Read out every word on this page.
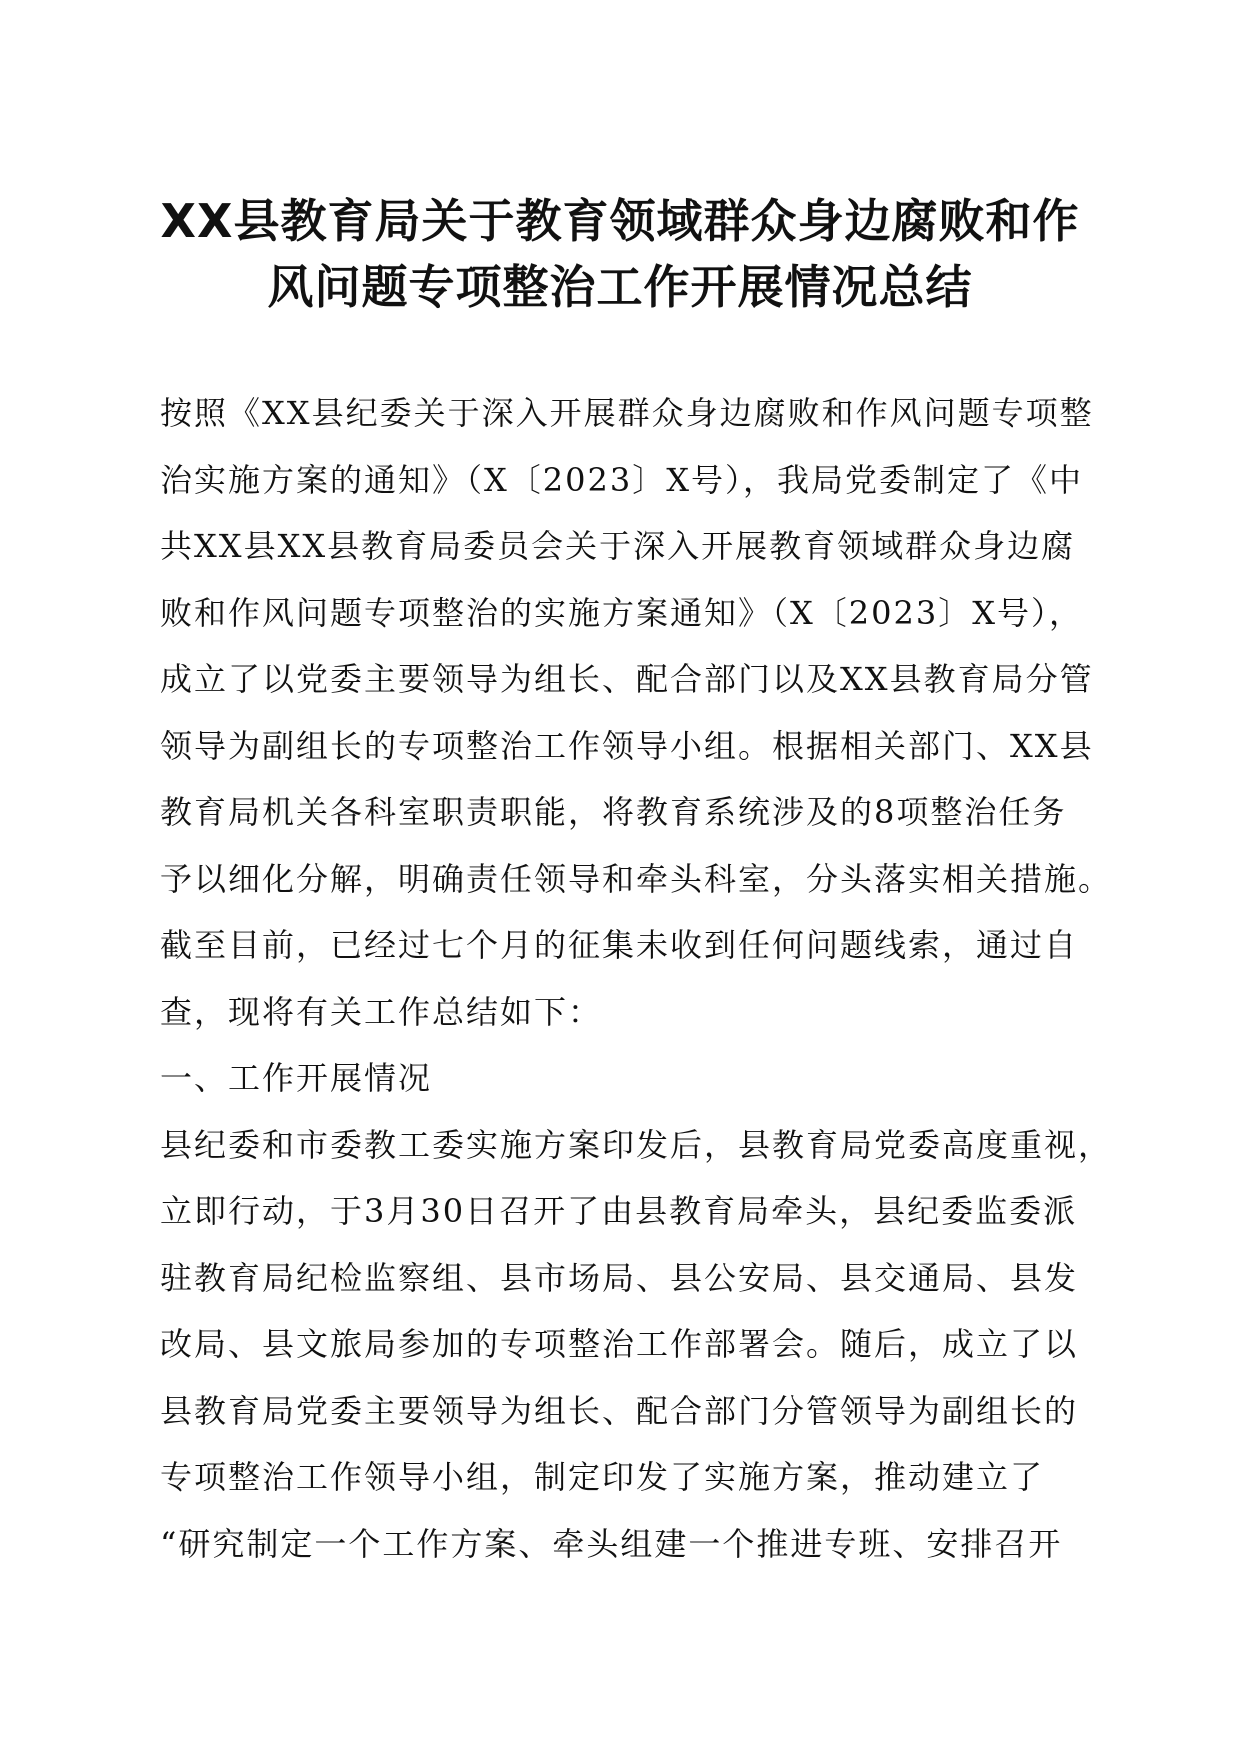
XX县教育局关于教育领域群众身边腐败和作
风问题专项整治工作开展情况总结
按照《XX县纪委关于深入开展群众身边腐败和作风问题专项整
治实施方案的通知》（X〔2023〕X号），我局党委制定了《中
共XX县XX县教育局委员会关于深入开展教育领域群众身边腐
败和作风问题专项整治的实施方案通知》（X〔2023〕X号），
成立了以党委主要领导为组长、配合部门以及XX县教育局分管
领导为副组长的专项整治工作领导小组。根据相关部门、XX县
教育局机关各科室职责职能，将教育系统涉及的8项整治任务
予以细化分解，明确责任领导和牵头科室，分头落实相关措施。
截至目前，已经过七个月的征集未收到任何问题线索，通过自
查，现将有关工作总结如下：
一、工作开展情况
县纪委和市委教工委实施方案印发后，县教育局党委高度重视，
立即行动，于3月30日召开了由县教育局牵头，县纪委监委派
驻教育局纪检监察组、县市场局、县公安局、县交通局、县发
改局、县文旅局参加的专项整治工作部署会。随后，成立了以
县教育局党委主要领导为组长、配合部门分管领导为副组长的
专项整治工作领导小组，制定印发了实施方案，推动建立了
“研究制定一个工作方案、牵头组建一个推进专班、安排召开
